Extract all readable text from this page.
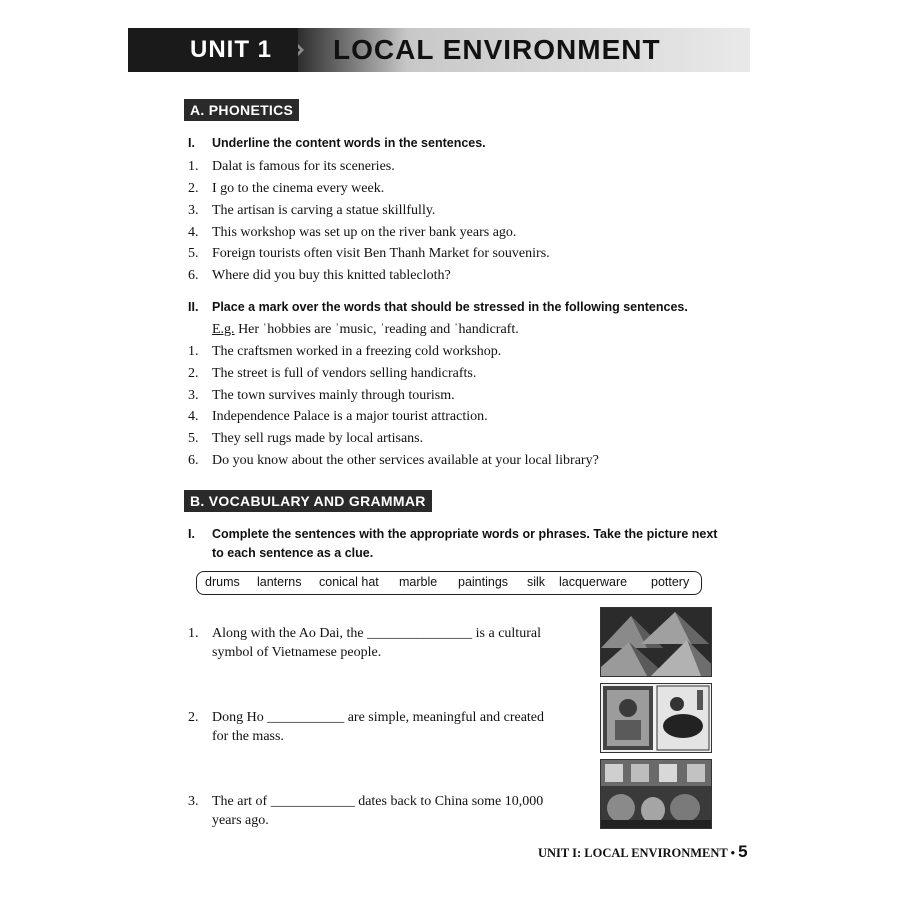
UNIT 1 LOCAL ENVIRONMENT
A. PHONETICS
I. Underline the content words in the sentences.
1. Dalat is famous for its sceneries.
2. I go to the cinema every week.
3. The artisan is carving a statue skillfully.
4. This workshop was set up on the river bank years ago.
5. Foreign tourists often visit Ben Thanh Market for souvenirs.
6. Where did you buy this knitted tablecloth?
II. Place a mark over the words that should be stressed in the following sentences.
E.g. Her ˈhobbies are ˈmusic, ˈreading and ˈhandicraft.
1. The craftsmen worked in a freezing cold workshop.
2. The street is full of vendors selling handicrafts.
3. The town survives mainly through tourism.
4. Independence Palace is a major tourist attraction.
5. They sell rugs made by local artisans.
6. Do you know about the other services available at your local library?
B. VOCABULARY AND GRAMMAR
I. Complete the sentences with the appropriate words or phrases. Take the picture next
to each sentence as a clue.
drums lanterns conical hat marble paintings silk lacquerware pottery
1. Along with the Ao Dai, the _______________ is a cultural
symbol of Vietnamese people.
2. Dong Ho ___________ are simple, meaningful and created
for the mass.
3. The art of ____________ dates back to China some 10,000
years ago.
UNIT I: LOCAL ENVIRONMENT • 5
